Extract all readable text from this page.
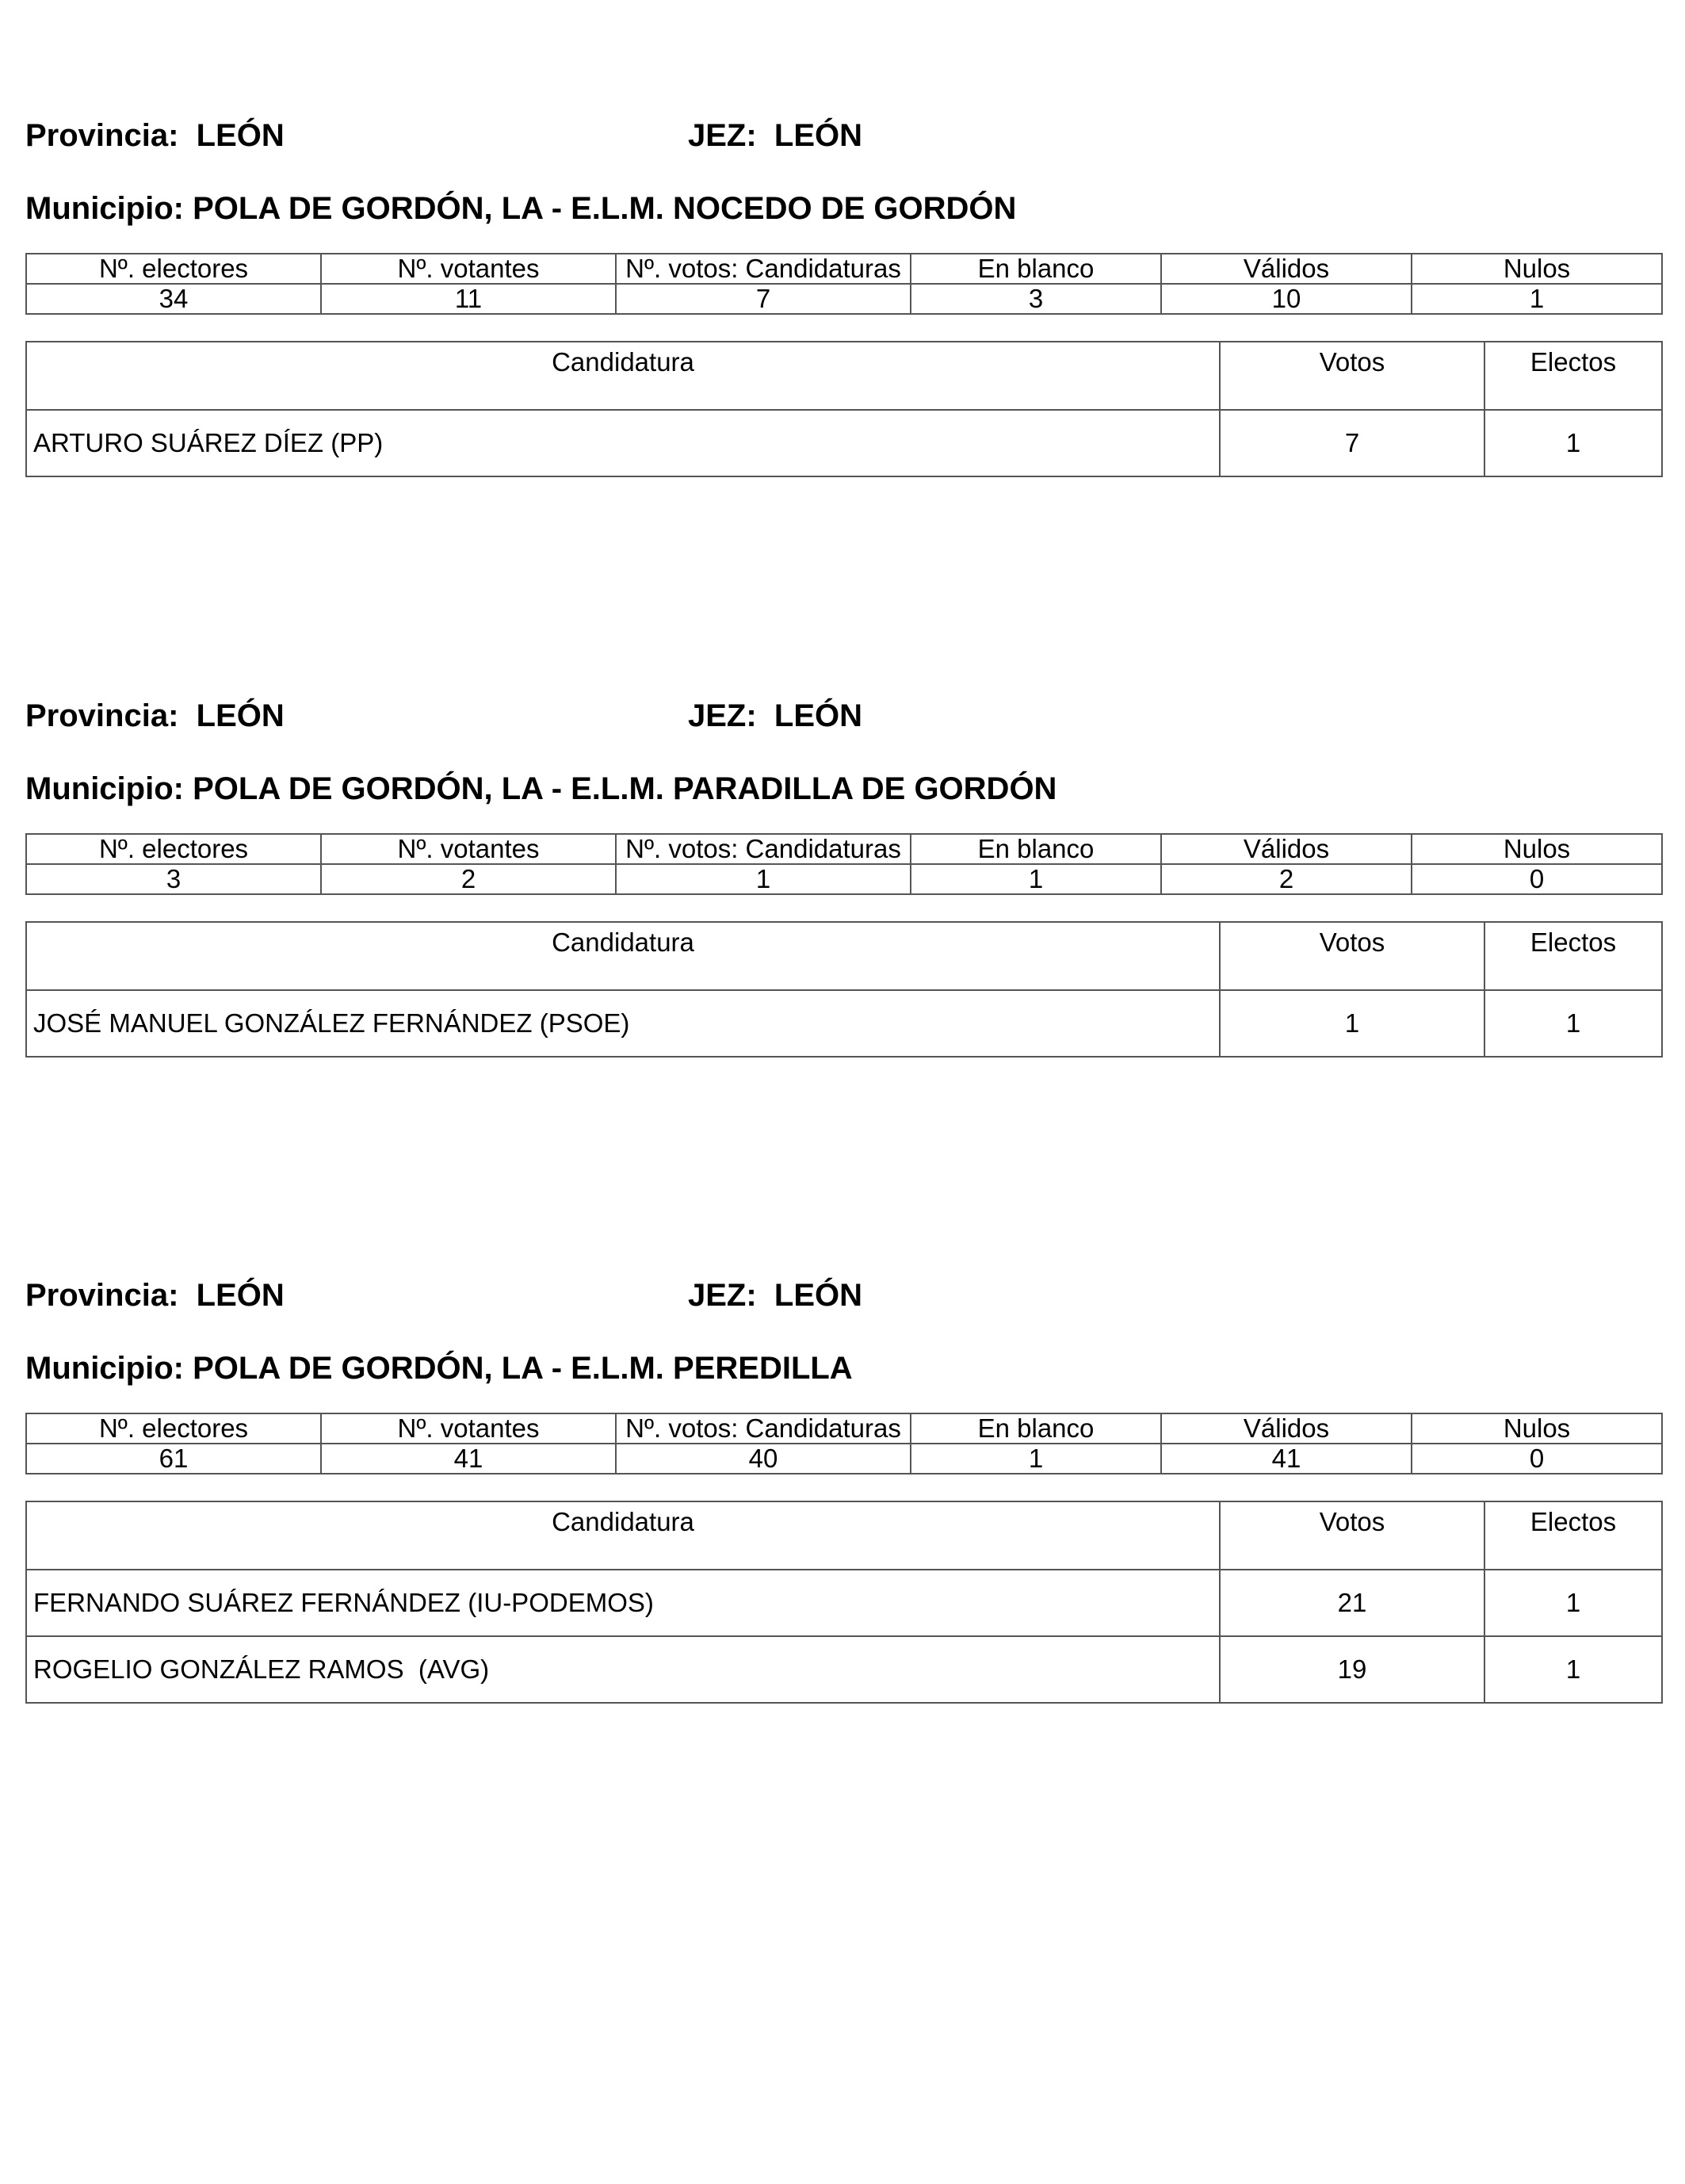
Provincia: LEÓN	JEZ: LEÓN
Municipio: POLA DE GORDÓN, LA - E.L.M. NOCEDO DE GORDÓN
Nº. electores	Nº. votantes	Nº. votos: Candidaturas	En blanco	Válidos	Nulos
34	11	7	3	10	1
Candidatura	Votos	Electos
ARTURO SUÁREZ DÍEZ (PP)	7	1
Provincia: LEÓN	JEZ: LEÓN
Municipio: POLA DE GORDÓN, LA - E.L.M. PARADILLA DE GORDÓN
Nº. electores	Nº. votantes	Nº. votos: Candidaturas	En blanco	Válidos	Nulos
3	2	1	1	2	0
Candidatura	Votos	Electos
JOSÉ MANUEL GONZÁLEZ FERNÁNDEZ (PSOE)	1	1
Provincia: LEÓN	JEZ: LEÓN
Municipio: POLA DE GORDÓN, LA - E.L.M. PEREDILLA
Nº. electores	Nº. votantes	Nº. votos: Candidaturas	En blanco	Válidos	Nulos
61	41	40	1	41	0
Candidatura	Votos	Electos
FERNANDO SUÁREZ FERNÁNDEZ (IU-PODEMOS)	21	1
ROGELIO GONZÁLEZ RAMOS  (AVG)	19	1
